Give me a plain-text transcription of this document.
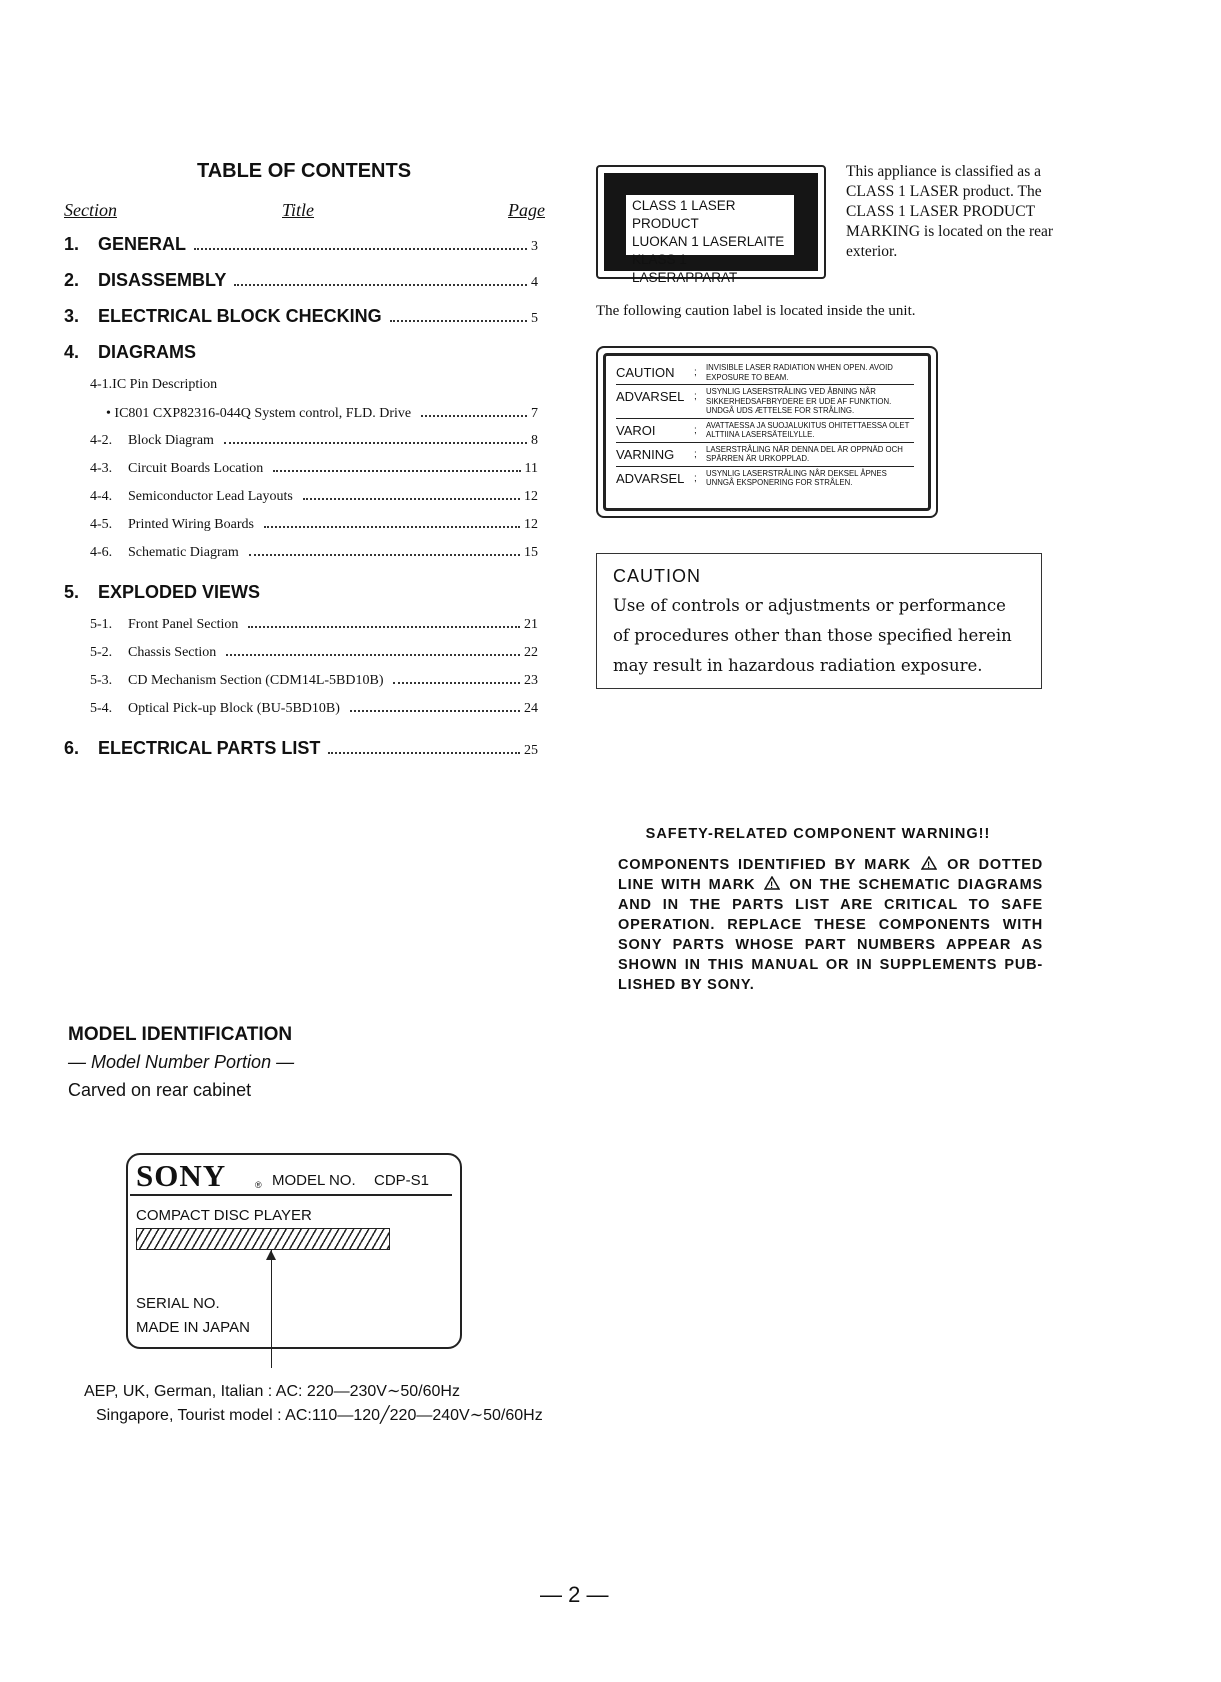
TABLE OF CONTENTS
Section	Title	Page
1.	GENERAL	3
2.	DISASSEMBLY	4
3.	ELECTRICAL BLOCK CHECKING	5
4.	DIAGRAMS
4-1. IC Pin Description
• IC801 CXP82316-044Q System control, FLD. Drive	7
4-2.	Block Diagram	8
4-3.	Circuit Boards Location	11
4-4.	Semiconductor Lead Layouts	12
4-5.	Printed Wiring Boards	12
4-6.	Schematic Diagram	15
5.	EXPLODED VIEWS
5-1.	Front Panel Section	21
5-2.	Chassis Section	22
5-3.	CD Mechanism Section (CDM14L-5BD10B)	23
5-4.	Optical Pick-up Block (BU-5BD10B)	24
6.	ELECTRICAL PARTS LIST	25
CLASS 1 LASER PRODUCT
LUOKAN 1 LASERLAITE
KLASS 1 LASERAPPARAT
This appliance is classified as a CLASS 1 LASER product. The CLASS 1 LASER PRODUCT MARKING is located on the rear exterior.
The following caution label is located inside the unit.
CAUTION	;	INVISIBLE LASER RADIATION WHEN OPEN. AVOID EXPOSURE TO BEAM.
ADVARSEL ;	USYNLIG LASERSTRÅLING VED ÅBNING NÅR SIKKERHEDSAFBRYDERE ER UDE AF FUNKTION. UNDGÅ UDS ÆTTELSE FOR STRÅLING.
VAROI	;	AVATTAESSA JA SUOJALUKITUS OHITETTAESSA OLET ALTTIINA LASERSÄTEILYLLE.
VARNING	;	LASERSTRÅLING NÄR DENNA DEL ÄR OPPNÄD OCH SPÄRREN ÄR URKOPPLAD.
ADVARSEL ;	USYNLIG LASERSTRÅLING NÅR DEKSEL ÅPNES UNNGÅ EKSPONERING FOR STRÅLEN.
CAUTION
Use of controls or adjustments or performance of procedures other than those specified herein may result in hazardous radiation exposure.
SAFETY-RELATED COMPONENT WARNING!!
COMPONENTS IDENTIFIED BY MARK ! OR DOTTED LINE WITH MARK ! ON THE SCHEMATIC DIAGRAMS AND IN THE PARTS LIST ARE CRITICAL TO SAFE OPERATION. REPLACE THESE COMPONENTS WITH SONY PARTS WHOSE PART NUMBERS APPEAR AS SHOWN IN THIS MANUAL OR IN SUPPLEMENTS PUB-LISHED BY SONY.
MODEL IDENTIFICATION
— Model Number Portion —
Carved on rear cabinet
SONY	® MODEL NO. CDP-S1
COMPACT DISC PLAYER
SERIAL NO.
MADE IN JAPAN
AEP, UK, German, Italian : AC: 220—230V∼50/60Hz
Singapore, Tourist model : AC:110—120╱220—240V∼50/60Hz
— 2 —
